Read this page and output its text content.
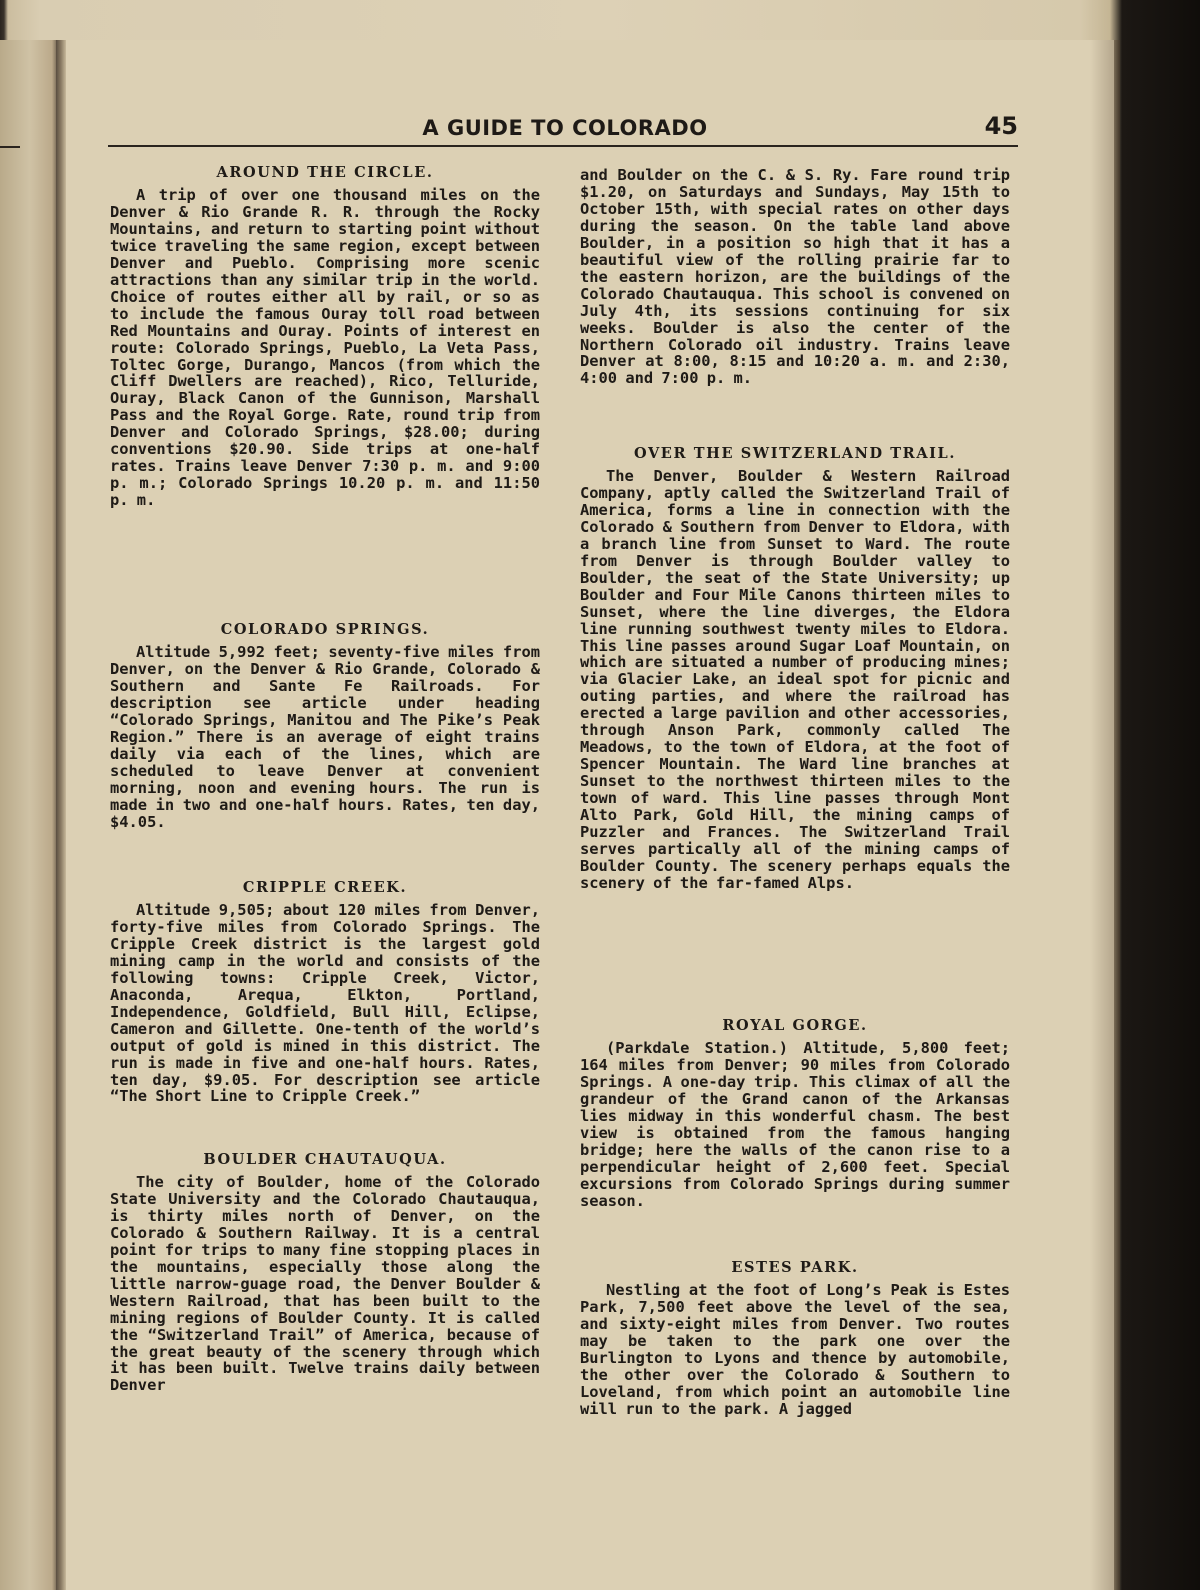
A GUIDE TO COLORADO	45
AROUND THE CIRCLE.

A trip of over one thousand miles on the Denver & Rio Grande R. R. through the Rocky Mountains, and return to starting point without twice traveling the same region, except between Denver and Pueblo. Comprising more scenic attractions than any similar trip in the world. Choice of routes either all by rail, or so as to include the famous Ouray toll road between Red Mountains and Ouray. Points of interest en route: Colorado Springs, Pueblo, La Veta Pass, Toltec Gorge, Durango, Mancos (from which the Cliff Dwellers are reached), Rico, Telluride, Ouray, Black Canon of the Gunnison, Marshall Pass and the Royal Gorge. Rate, round trip from Denver and Colorado Springs, $28.00; during conventions $20.90. Side trips at one-half rates. Trains leave Denver 7:30 p. m. and 9:00 p. m.; Colorado Springs 10.20 p. m. and 11:50 p. m.

COLORADO SPRINGS.

Altitude 5,992 feet; seventy-five miles from Denver, on the Denver & Rio Grande, Colorado & Southern and Sante Fe Railroads. For description see article under heading “Colorado Springs, Manitou and The Pike’s Peak Region.” There is an average of eight trains daily via each of the lines, which are scheduled to leave Denver at convenient morning, noon and evening hours. The run is made in two and one-half hours. Rates, ten day, $4.05.

CRIPPLE CREEK.

Altitude 9,505; about 120 miles from Denver, forty-five miles from Colorado Springs. The Cripple Creek district is the largest gold mining camp in the world and consists of the following towns: Cripple Creek, Victor, Anaconda, Arequa, Elkton, Portland, Independence, Goldfield, Bull Hill, Eclipse, Cameron and Gillette. One-tenth of the world’s output of gold is mined in this district. The run is made in five and one-half hours. Rates, ten day, $9.05. For description see article “The Short Line to Cripple Creek.”

BOULDER CHAUTAUQUA.

The city of Boulder, home of the Colorado State University and the Colorado Chautauqua, is thirty miles north of Denver, on the Colorado & Southern Railway. It is a central point for trips to many fine stopping places in the mountains, especially those along the little narrow-guage road, the Denver Boulder & Western Railroad, that has been built to the mining regions of Boulder County. It is called the “Switzerland Trail” of America, because of the great beauty of the scenery through which it has been built. Twelve trains daily between Denver

and Boulder on the C. & S. Ry. Fare round trip $1.20, on Saturdays and Sundays, May 15th to October 15th, with special rates on other days during the season. On the table land above Boulder, in a position so high that it has a beautiful view of the rolling prairie far to the eastern horizon, are the buildings of the Colorado Chautauqua. This school is convened on July 4th, its sessions continuing for six weeks. Boulder is also the center of the Northern Colorado oil industry. Trains leave Denver at 8:00, 8:15 and 10:20 a. m. and 2:30, 4:00 and 7:00 p. m.

OVER THE SWITZERLAND TRAIL.

The Denver, Boulder & Western Railroad Company, aptly called the Switzerland Trail of America, forms a line in connection with the Colorado & Southern from Denver to Eldora, with a branch line from Sunset to Ward. The route from Denver is through Boulder valley to Boulder, the seat of the State University; up Boulder and Four Mile Canons thirteen miles to Sunset, where the line diverges, the Eldora line running southwest twenty miles to Eldora. This line passes around Sugar Loaf Mountain, on which are situated a number of producing mines; via Glacier Lake, an ideal spot for picnic and outing parties, and where the railroad has erected a large pavilion and other accessories, through Anson Park, commonly called The Meadows, to the town of Eldora, at the foot of Spencer Mountain. The Ward line branches at Sunset to the northwest thirteen miles to the town of ward. This line passes through Mont Alto Park, Gold Hill, the mining camps of Puzzler and Frances. The Switzerland Trail serves partically all of the mining camps of Boulder County. The scenery perhaps equals the scenery of the far-famed Alps.

ROYAL GORGE.

(Parkdale Station.) Altitude, 5,800 feet; 164 miles from Denver; 90 miles from Colorado Springs. A one-day trip. This climax of all the grandeur of the Grand canon of the Arkansas lies midway in this wonderful chasm. The best view is obtained from the famous hanging bridge; here the walls of the canon rise to a perpendicular height of 2,600 feet. Special excursions from Colorado Springs during summer season.

ESTES PARK.

Nestling at the foot of Long’s Peak is Estes Park, 7,500 feet above the level of the sea, and sixty-eight miles from Denver. Two routes may be taken to the park one over the Burlington to Lyons and thence by automobile, the other over the Colorado & Southern to Loveland, from which point an automobile line will run to the park. A jagged
